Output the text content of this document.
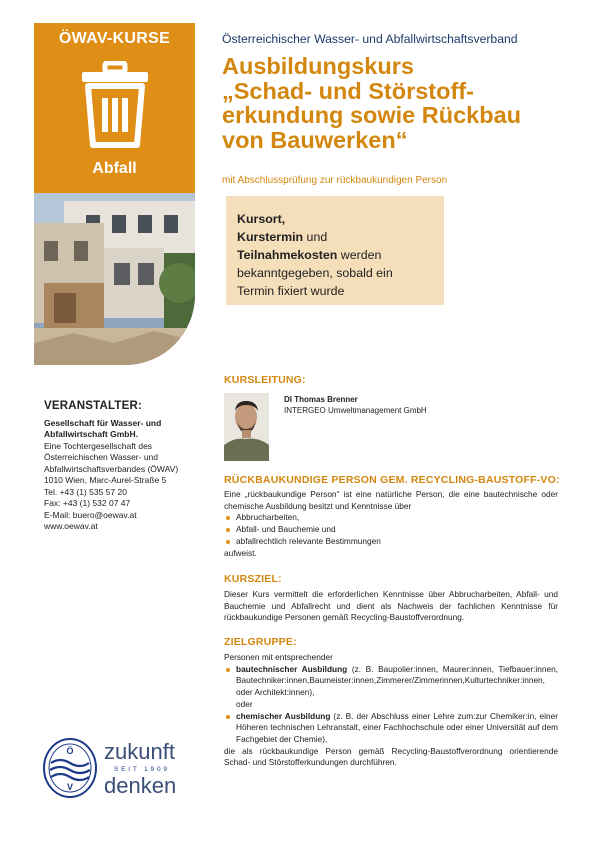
ÖWAV-KURSE
Abfall
Österreichischer Wasser- und Abfallwirtschaftsverband
Ausbildungskurs
„Schad- und Störstoff-
erkundung sowie Rückbau
von Bauwerken“
mit Abschlussprüfung zur rückbaukundigen Person
Kursort,
Kurstermin und
Teilnahmekosten werden
bekanntgegeben, sobald ein
Termin fixiert wurde
VERANSTALTER:
Gesellschaft für Wasser- und
Abfallwirtschaft GmbH.
Eine Tochtergesellschaft des
Österreichischen Wasser- und
Abfallwirtschaftsverbandes (ÖWAV)
1010 Wien, Marc-Aurel-Straße 5
Tel. +43 (1) 535 57 20
Fax: +43 (1) 532 07 47
E-Mail: buero@oewav.at
www.oewav.at
Ö
V
zukunft
SEIT 1909
denken
KURSLEITUNG:
DI Thomas Brenner
INTERGEO Umweltmanagement GmbH
RÜCKBAUKUNDIGE PERSON GEM. RECYCLING-BAUSTOFF-VO:
Eine „rückbaukundige Person“ ist eine natürliche Person, die eine bautechnische oder chemische Ausbildung besitzt und Kenntnisse über
Abbrucharbeiten,
Abfall- und Bauchemie und
abfallrechtlich relevante Bestimmungen
aufweist.
KURSZIEL:
Dieser Kurs vermittelt die erforderlichen Kenntnisse über Abbrucharbeiten, Abfall- und Bauchemie und Abfallrecht und dient als Nachweis der fachlichen Kenntnisse für rückbaukundige Personen gemäß Recycling-Baustoffverordnung.
ZIELGRUPPE:
Personen mit entsprechender
bautechnischer Ausbildung (z. B. Baupolier:innen, Maurer:innen, Tiefbauer:innen, Bautechniker:innen,Baumeister:innen,Zimmerer/Zimmerinnen,Kulturtechniker:innen, oder Architekt:innen),
oder
chemischer Ausbildung (z. B. der Abschluss einer Lehre zum:zur Chemiker:in, einer Höheren technischen Lehranstalt, einer Fachhochschule oder einer Universität auf dem Fachgebiet der Chemie),
die als rückbaukundige Person gemäß Recycling-Baustoffverordnung orientierende Schad- und Störstofferkundungen durchführen.
